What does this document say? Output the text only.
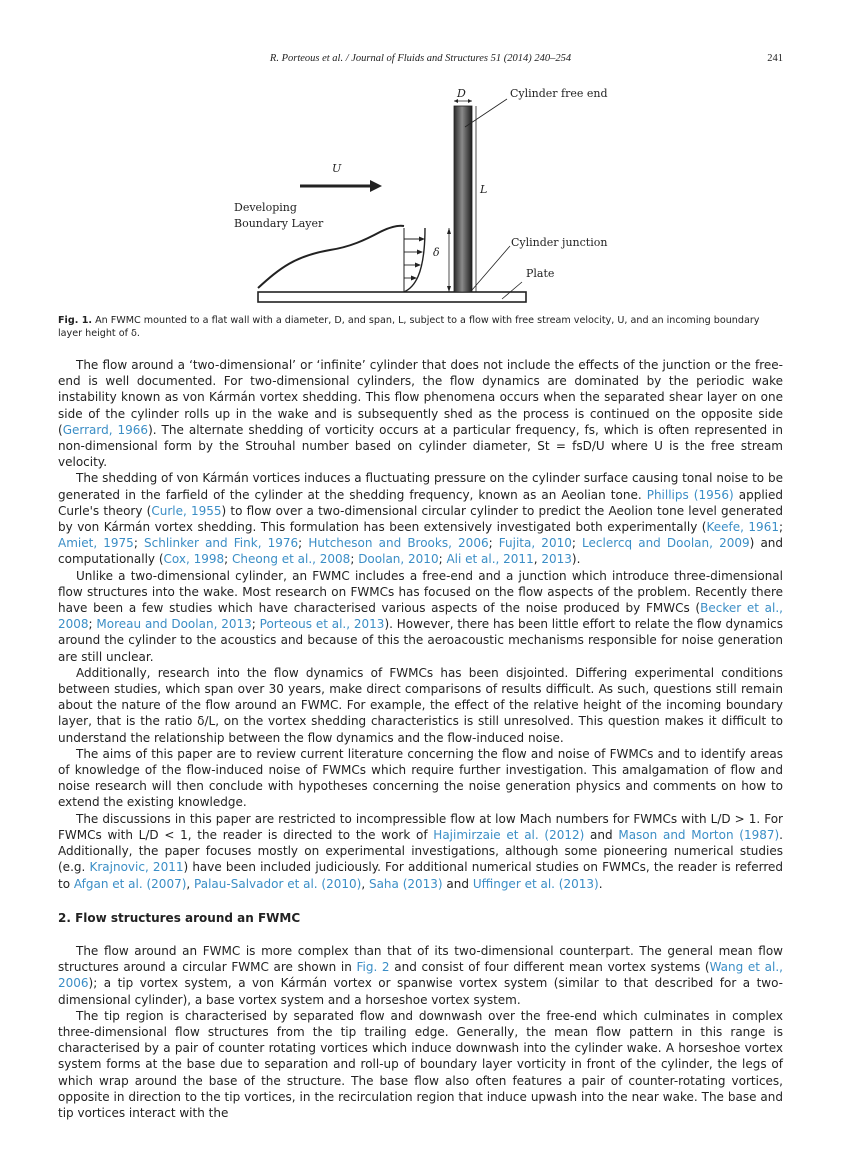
R. Porteous et al. / Journal of Fluids and Structures 51 (2014) 240–254	241
D	Cylinder free end
L
U
Developing
Boundary Layer
δ
Cylinder junction
Plate
Fig. 1. An FWMC mounted to a flat wall with a diameter, D, and span, L, subject to a flow with free stream velocity, U, and an incoming boundary layer height of δ.

The flow around a ‘two-dimensional’ or ‘infinite’ cylinder that does not include the effects of the junction or the free-end is well documented. For two-dimensional cylinders, the flow dynamics are dominated by the periodic wake instability known as von Kármán vortex shedding. This flow phenomena occurs when the separated shear layer on one side of the cylinder rolls up in the wake and is subsequently shed as the process is continued on the opposite side (Gerrard, 1966). The alternate shedding of vorticity occurs at a particular frequency, fs, which is often represented in non-dimensional form by the Strouhal number based on cylinder diameter, St = fsD/U where U is the free stream velocity.

The shedding of von Kármán vortices induces a fluctuating pressure on the cylinder surface causing tonal noise to be generated in the farfield of the cylinder at the shedding frequency, known as an Aeolian tone. Phillips (1956) applied Curle's theory (Curle, 1955) to flow over a two-dimensional circular cylinder to predict the Aeolion tone level generated by von Kármán vortex shedding. This formulation has been extensively investigated both experimentally (Keefe, 1961; Amiet, 1975; Schlinker and Fink, 1976; Hutcheson and Brooks, 2006; Fujita, 2010; Leclercq and Doolan, 2009) and computationally (Cox, 1998; Cheong et al., 2008; Doolan, 2010; Ali et al., 2011, 2013).

Unlike a two-dimensional cylinder, an FWMC includes a free-end and a junction which introduce three-dimensional flow structures into the wake. Most research on FWMCs has focused on the flow aspects of the problem. Recently there have been a few studies which have characterised various aspects of the noise produced by FMWCs (Becker et al., 2008; Moreau and Doolan, 2013; Porteous et al., 2013). However, there has been little effort to relate the flow dynamics around the cylinder to the acoustics and because of this the aeroacoustic mechanisms responsible for noise generation are still unclear.

Additionally, research into the flow dynamics of FWMCs has been disjointed. Differing experimental conditions between studies, which span over 30 years, make direct comparisons of results difficult. As such, questions still remain about the nature of the flow around an FWMC. For example, the effect of the relative height of the incoming boundary layer, that is the ratio δ/L, on the vortex shedding characteristics is still unresolved. This question makes it difficult to understand the relationship between the flow dynamics and the flow-induced noise.

The aims of this paper are to review current literature concerning the flow and noise of FWMCs and to identify areas of knowledge of the flow-induced noise of FWMCs which require further investigation. This amalgamation of flow and noise research will then conclude with hypotheses concerning the noise generation physics and comments on how to extend the existing knowledge.

The discussions in this paper are restricted to incompressible flow at low Mach numbers for FWMCs with L/D > 1. For FWMCs with L/D < 1, the reader is directed to the work of Hajimirzaie et al. (2012) and Mason and Morton (1987). Additionally, the paper focuses mostly on experimental investigations, although some pioneering numerical studies (e.g. Krajnovic, 2011) have been included judiciously. For additional numerical studies on FWMCs, the reader is referred to Afgan et al. (2007), Palau-Salvador et al. (2010), Saha (2013) and Uffinger et al. (2013).

2. Flow structures around an FWMC

The flow around an FWMC is more complex than that of its two-dimensional counterpart. The general mean flow structures around a circular FWMC are shown in Fig. 2 and consist of four different mean vortex systems (Wang et al., 2006); a tip vortex system, a von Kármán vortex or spanwise vortex system (similar to that described for a two-dimensional cylinder), a base vortex system and a horseshoe vortex system.

The tip region is characterised by separated flow and downwash over the free-end which culminates in complex three-dimensional flow structures from the tip trailing edge. Generally, the mean flow pattern in this range is characterised by a pair of counter rotating vortices which induce downwash into the cylinder wake. A horseshoe vortex system forms at the base due to separation and roll-up of boundary layer vorticity in front of the cylinder, the legs of which wrap around the base of the structure. The base flow also often features a pair of counter-rotating vortices, opposite in direction to the tip vortices, in the recirculation region that induce upwash into the near wake. The base and tip vortices interact with the
